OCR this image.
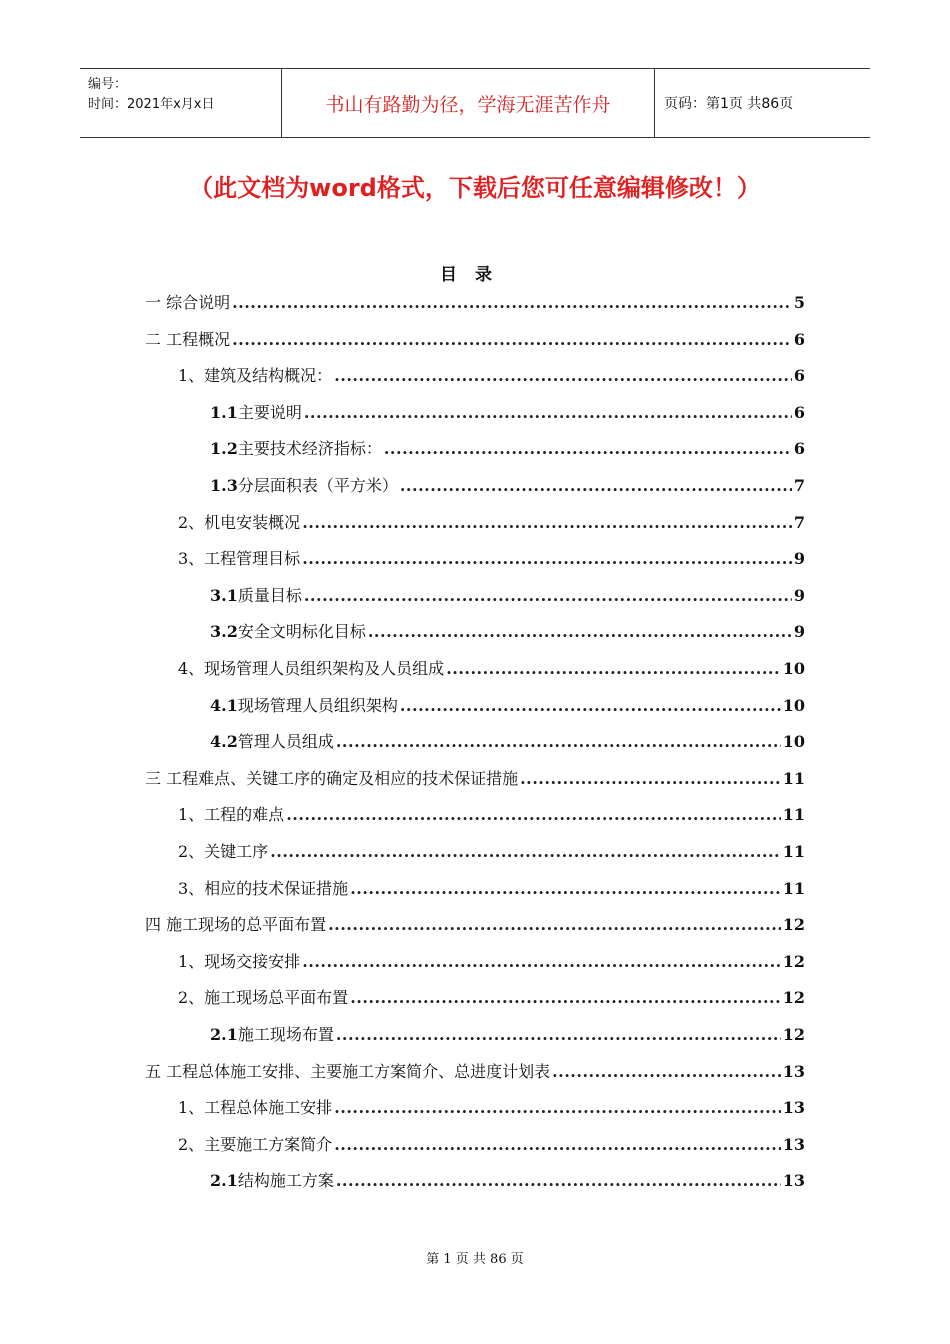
编号：
时间：2021年x月x日	书山有路勤为径，学海无涯苦作舟	页码：第1页 共86页
（此文档为word格式，下载后您可任意编辑修改！）
目录
一 综合说明 .....	5
二 工程概况 .....	6
1、建筑及结构概况： .....	6
1.1主要说明 .....	6
1.2主要技术经济指标： .....	6
1.3分层面积表（平方米） .....	7
2、机电安装概况 .....	7
3、工程管理目标 .....	9
3.1质量目标 .....	9
3.2安全文明标化目标 .....	9
4、现场管理人员组织架构及人员组成 .....	10
4.1现场管理人员组织架构 .....	10
4.2管理人员组成 .....	10
三 工程难点、关键工序的确定及相应的技术保证措施 .....	11
1、工程的难点 .....	11
2、关键工序 .....	11
3、相应的技术保证措施 .....	11
四 施工现场的总平面布置 .....	12
1、现场交接安排 .....	12
2、施工现场总平面布置 .....	12
2.1施工现场布置 .....	12
五 工程总体施工安排、主要施工方案简介、总进度计划表 .....	13
1、工程总体施工安排 .....	13
2、主要施工方案简介 .....	13
2.1结构施工方案 .....	13
第 1 页 共 86 页
